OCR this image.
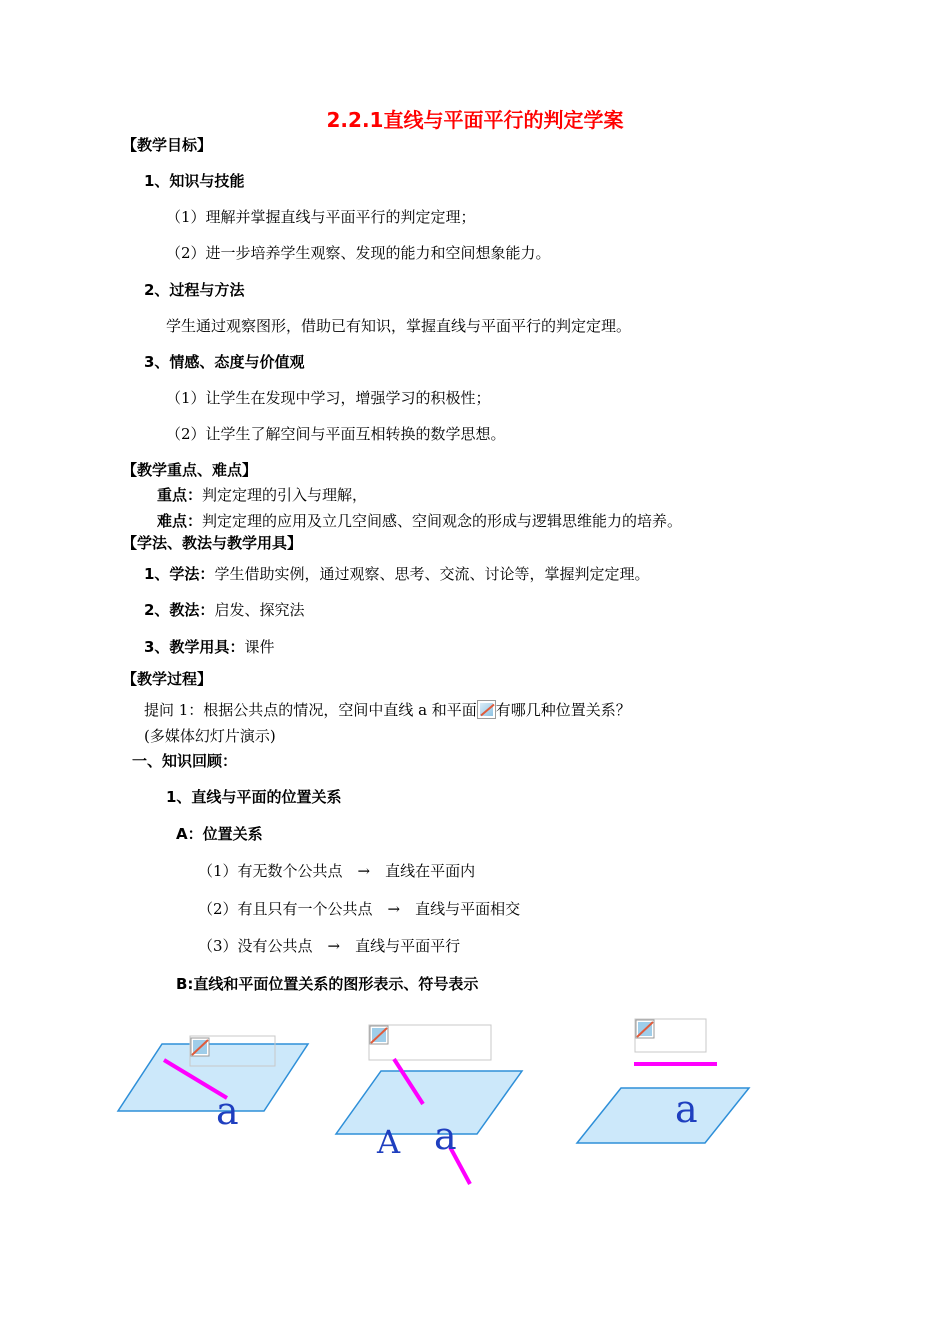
2.2.1直线与平面平行的判定学案
【教学目标】
1、知识与技能
（1）理解并掌握直线与平面平行的判定定理；
（2）进一步培养学生观察、发现的能力和空间想象能力。
2、过程与方法
学生通过观察图形，借助已有知识，掌握直线与平面平行的判定定理。
3、情感、态度与价值观
（1）让学生在发现中学习，增强学习的积极性；
（2）让学生了解空间与平面互相转换的数学思想。
【教学重点、难点】
重点：判定定理的引入与理解，
难点：判定定理的应用及立几空间感、空间观念的形成与逻辑思维能力的培养。
【学法、教法与教学用具】
1、学法：学生借助实例，通过观察、思考、交流、讨论等，掌握判定定理。
2、教法：启发、探究法
3、教学用具：课件
【教学过程】
提问 1：根据公共点的情况，空间中直线 a 和平面 有哪几种位置关系？
(多媒体幻灯片演示)
一、知识回顾：
1、直线与平面的位置关系
A：位置关系
（1）有无数个公共点　→　直线在平面内
（2）有且只有一个公共点　→　直线与平面相交
（3）没有公共点　→　直线与平面平行
B:直线和平面位置关系的图形表示、符号表示
a
A a
a
